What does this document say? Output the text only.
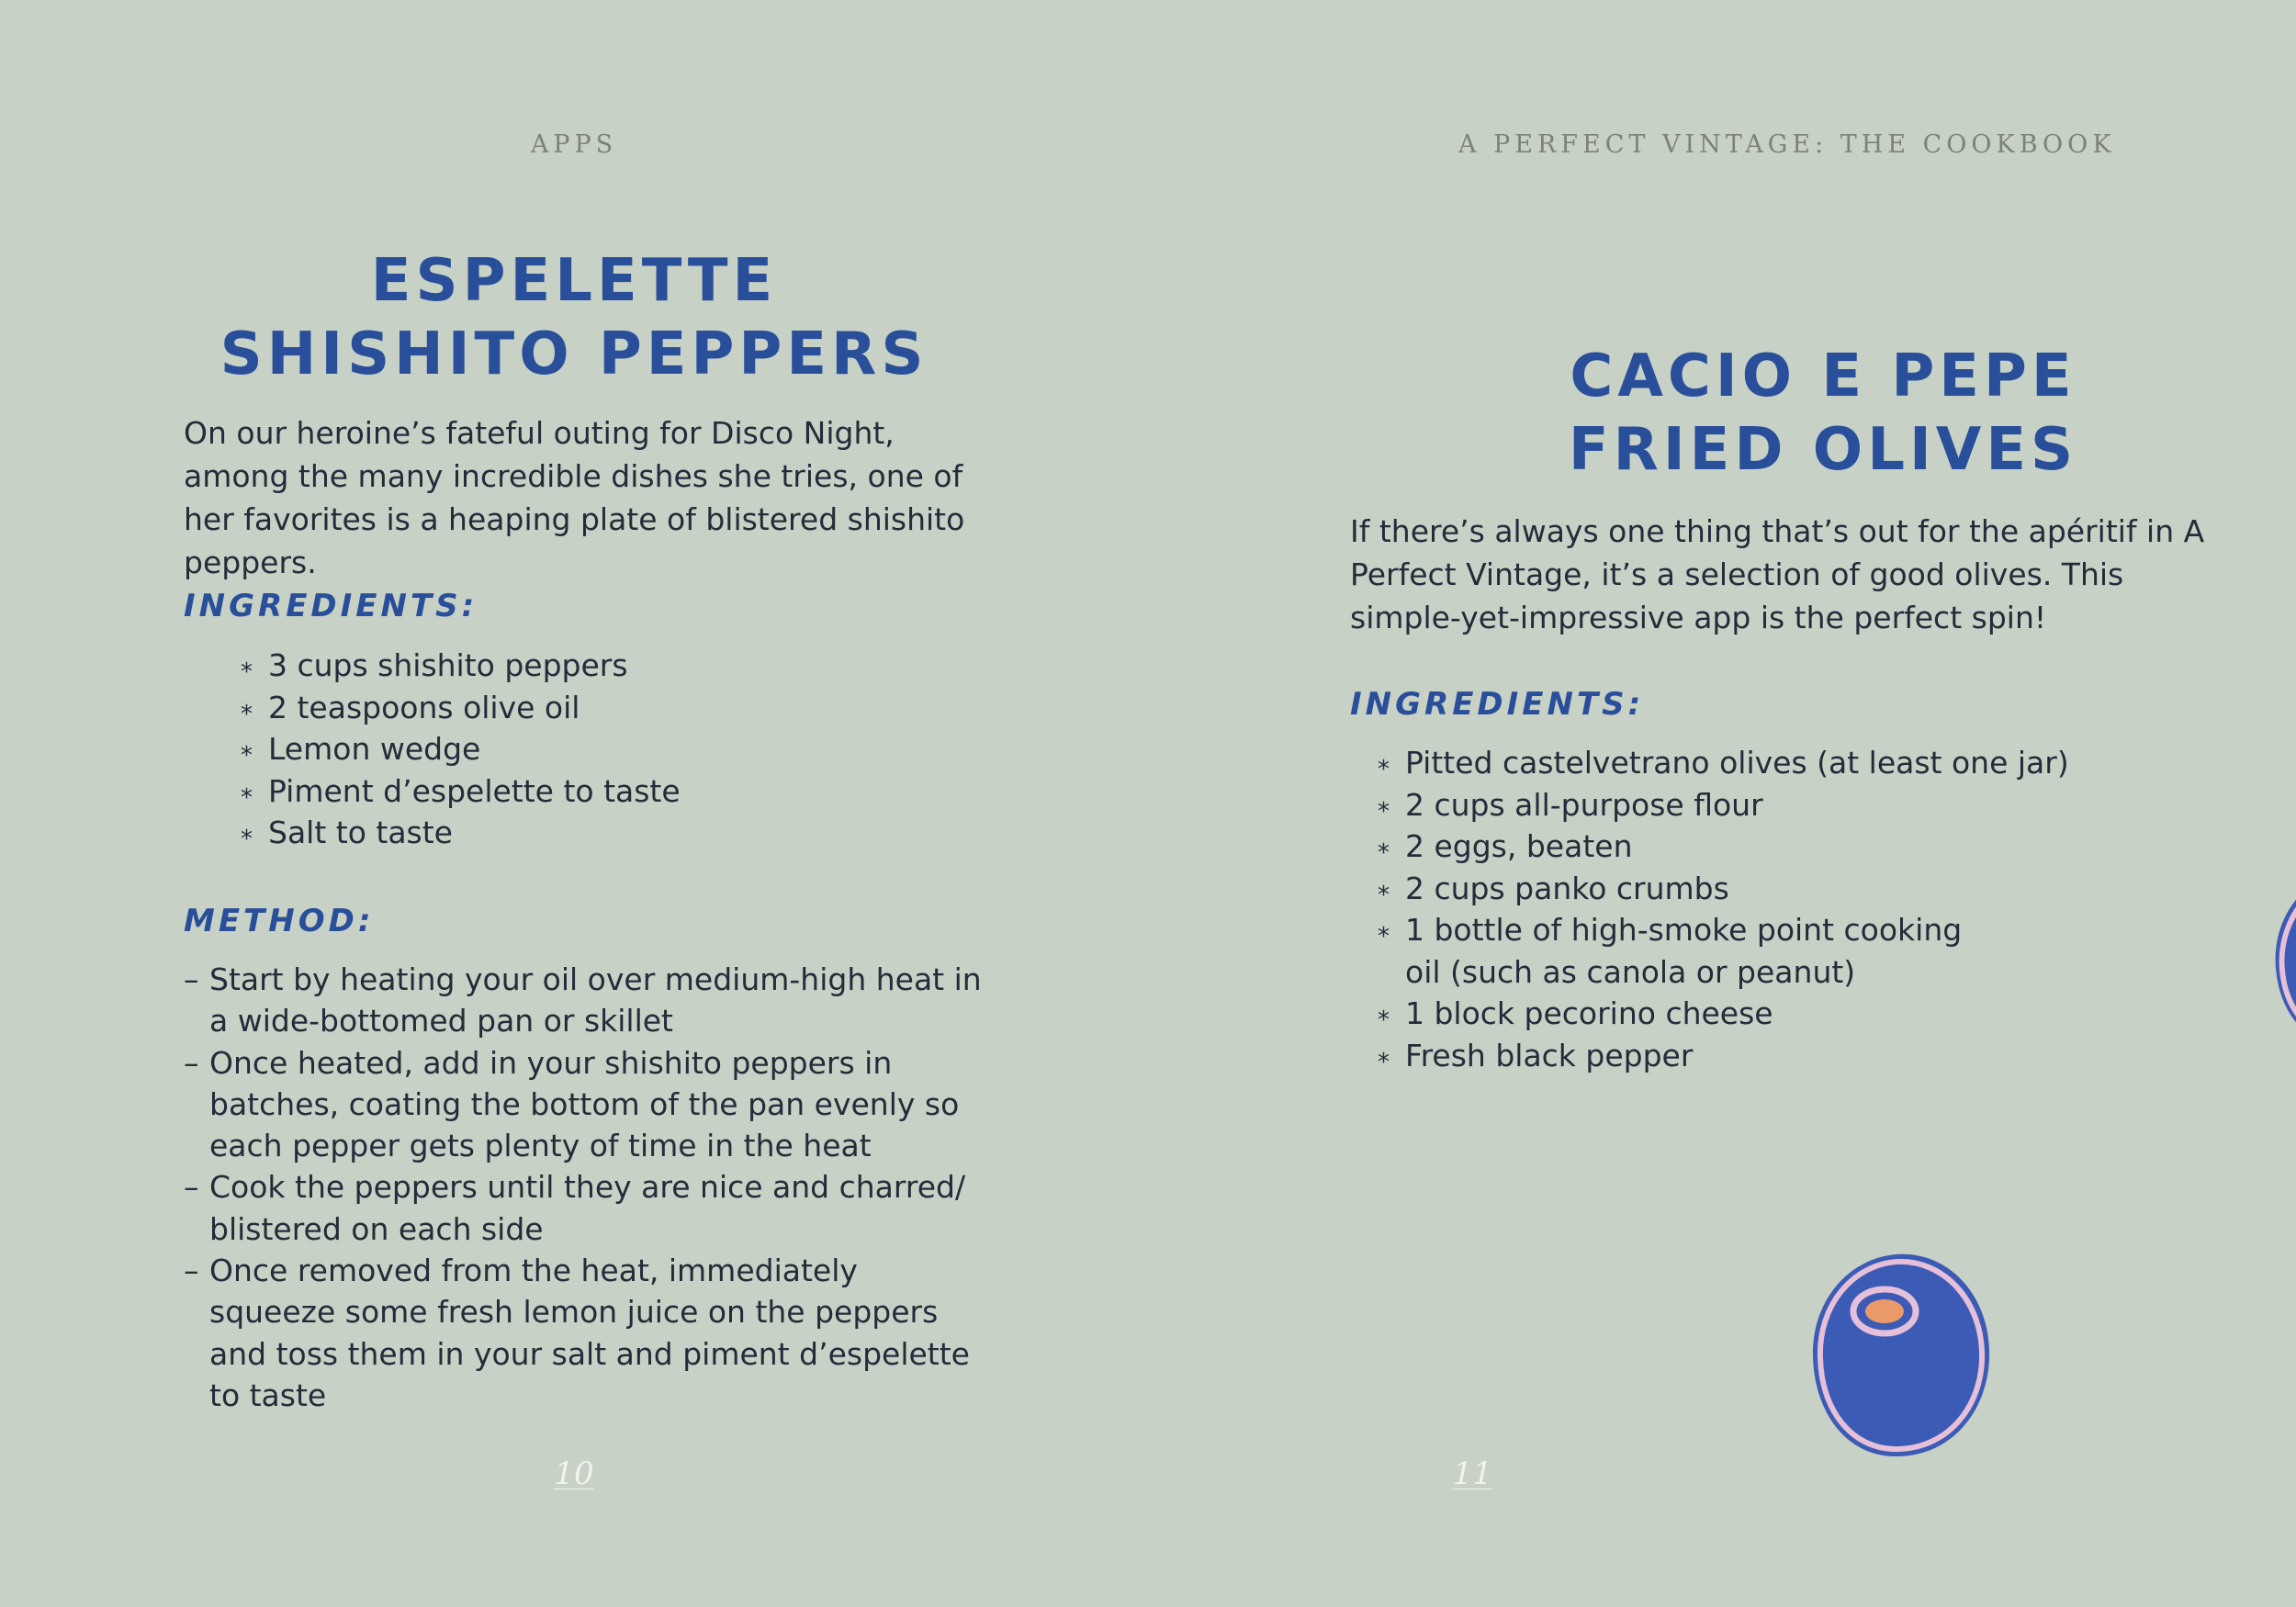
APPS
ESPELETTE
SHISHITO PEPPERS

On our heroine’s fateful outing for Disco Night, among the many incredible dishes she tries, one of her favorites is a heaping plate of blistered shishito peppers.

INGREDIENTS:
⁎ 3 cups shishito peppers
⁎ 2 teaspoons olive oil
⁎ Lemon wedge
⁎ Piment d’espelette to taste
⁎ Salt to taste
METHOD:
– Start by heating your oil over medium-high heat in a wide-bottomed pan or skillet
– Once heated, add in your shishito peppers in batches, coating the bottom of the pan evenly so each pepper gets plenty of time in the heat
– Cook the peppers until they are nice and charred/ blistered on each side
– Once removed from the heat, immediately squeeze some fresh lemon juice on the peppers and toss them in your salt and piment d’espelette to taste
10
A PERFECT VINTAGE: THE COOKBOOK
CACIO E PEPE
FRIED OLIVES

If there’s always one thing that’s out for the apéritif in A Perfect Vintage, it’s a selection of good olives. This simple-yet-impressive app is the perfect spin!

INGREDIENTS:
⁎ Pitted castelvetrano olives (at least one jar)
⁎ 2 cups all-purpose flour
⁎ 2 eggs, beaten
⁎ 2 cups panko crumbs
⁎ 1 bottle of high-smoke point cooking oil (such as canola or peanut)
⁎ 1 block pecorino cheese
⁎ Fresh black pepper
11
